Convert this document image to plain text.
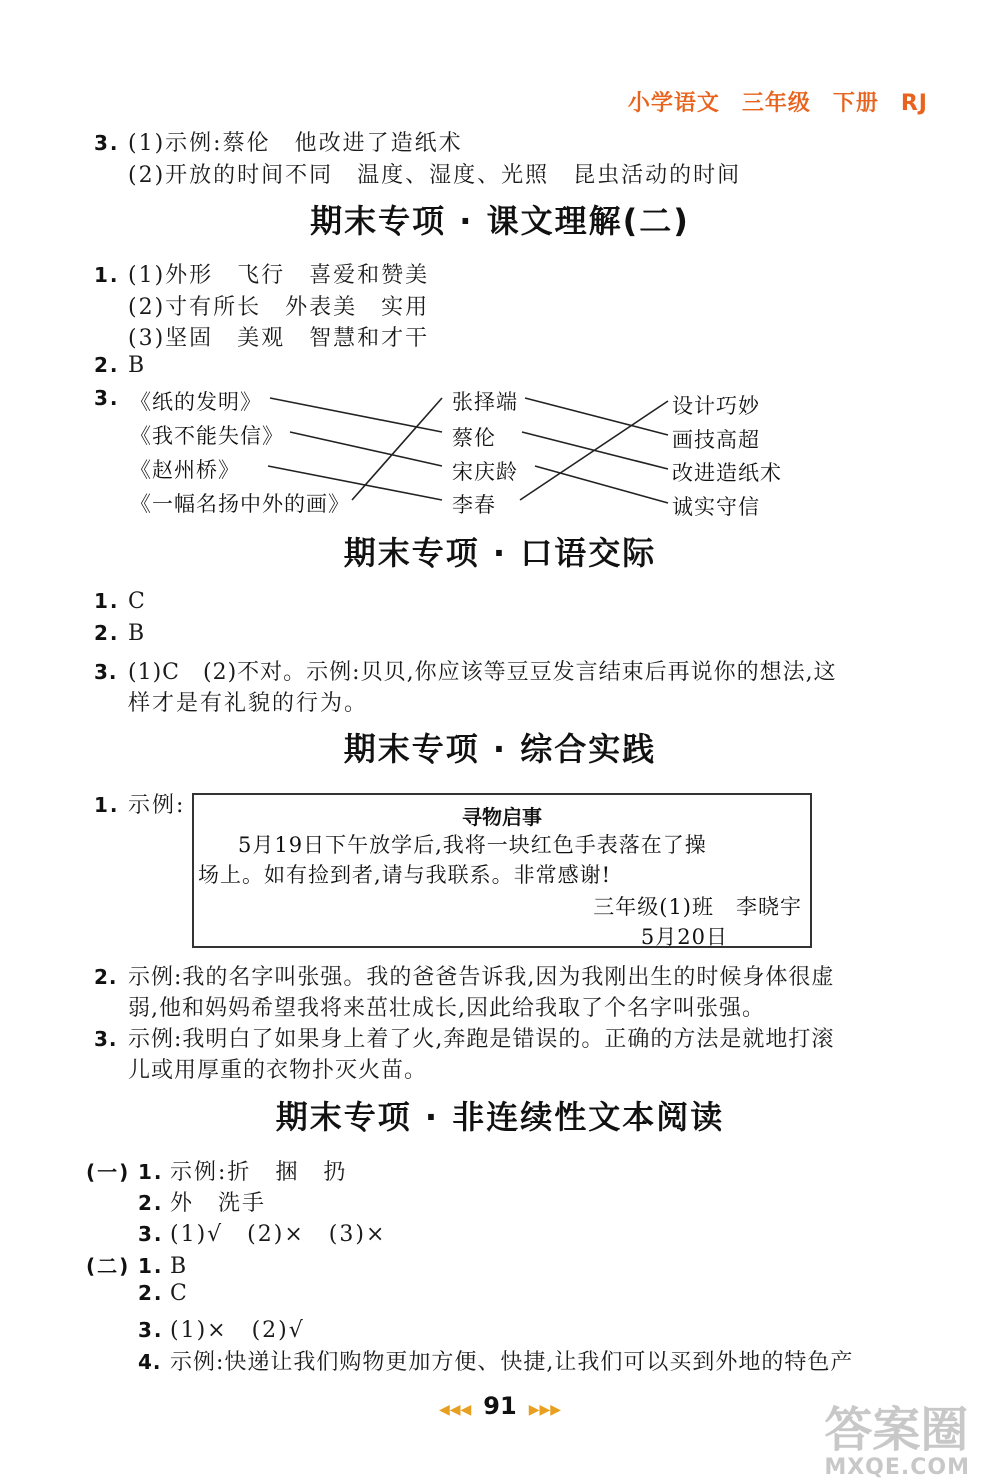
小学语文 三年级 下册 RJ
3. (1)示例:蔡伦　他改进了造纸术
(2)开放的时间不同　温度、湿度、光照　昆虫活动的时间
期末专项 · 课文理解(二)
1. (1)外形　飞行　喜爱和赞美
(2)寸有所长　外表美　实用
(3)坚固　美观　智慧和才干
2. B
3. 《纸的发明》
《我不能失信》
《赵州桥》
《一幅名扬中外的画》
张择端
蔡伦
宋庆龄
李春
设计巧妙
画技高超
改进造纸术
诚实守信
期末专项 · 口语交际
1. C
2. B
3. (1)C　(2)不对。示例:贝贝,你应该等豆豆发言结束后再说你的想法,这
样才是有礼貌的行为。
期末专项 · 综合实践
1. 示例:	寻物启事
5月19日下午放学后,我将一块红色手表落在了操
场上。如有捡到者,请与我联系。非常感谢!
三年级(1)班　李晓宇
5月20日
2. 示例:我的名字叫张强。我的爸爸告诉我,因为我刚出生的时候身体很虚
弱,他和妈妈希望我将来茁壮成长,因此给我取了个名字叫张强。
3. 示例:我明白了如果身上着了火,奔跑是错误的。正确的方法是就地打滚
儿或用厚重的衣物扑灭火苗。
期末专项 · 非连续性文本阅读
(一) 1. 示例:折　捆　扔
2. 外　洗手
3. (1)√　(2)×　(3)×
(二) 1. B
2. C
3. (1)×　(2)√
4. 示例:快递让我们购物更加方便、快捷,让我们可以买到外地的特色产
◀◀◀ 91 ▶▶▶	答案圈
MXQE.COM
